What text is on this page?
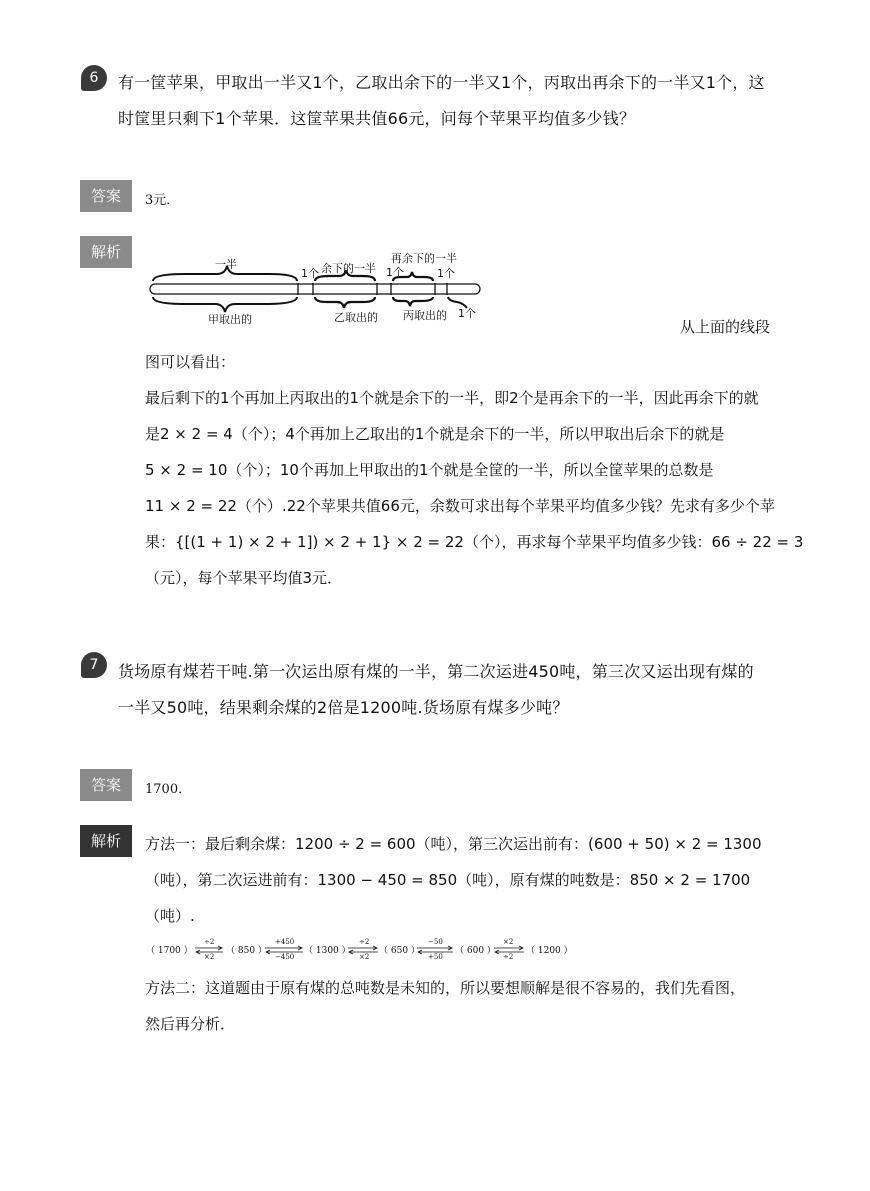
6	有一筐苹果，甲取出一半又1个，乙取出余下的一半又1个，丙取出再余下的一半又1个，这
时筐里只剩下1个苹果．这筐苹果共值66元，问每个苹果平均值多少钱？
答案	3元．
解析
一半
1个 余下的一半 1个
再余下的一半
1个
甲取出的	乙取出的 丙取出的 1个
从上面的线段
图可以看出：
最后剩下的1个再加上丙取出的1个就是余下的一半，即2个是再余下的一半，因此再余下的就
是2 × 2 = 4（个）；4个再加上乙取出的1个就是余下的一半，所以甲取出后余下的就是
5 × 2 = 10（个）；10个再加上甲取出的1个就是全筐的一半，所以全筐苹果的总数是
11 × 2 = 22（个）.22个苹果共值66元，余数可求出每个苹果平均值多少钱？先求有多少个苹
果：{[(1 + 1) × 2 + 1]) × 2 + 1} × 2 = 22（个），再求每个苹果平均值多少钱：66 ÷ 22 = 3
（元），每个苹果平均值3元．
7	货场原有煤若干吨.第一次运出原有煤的一半，第二次运进450吨，第三次又运出现有煤的
一半又50吨，结果剩余煤的2倍是1200吨.货场原有煤多少吨？
答案	1700．
解析	方法一：最后剩余煤：1200 ÷ 2 = 600（吨），第三次运出前有：(600 + 50) × 2 = 1300
（吨），第二次运进前有：1300 − 450 = 850（吨），原有煤的吨数是：850 × 2 = 1700
（吨）.
（ 1700 ）
÷2
×2
（ 850 ）
+450
−450
（ 1300 ）
÷2
×2
（ 650 ）
−50
+50
（ 600 ）
×2
÷2
（ 1200 ）
方法二：这道题由于原有煤的总吨数是未知的，所以要想顺解是很不容易的，我们先看图，
然后再分析．
